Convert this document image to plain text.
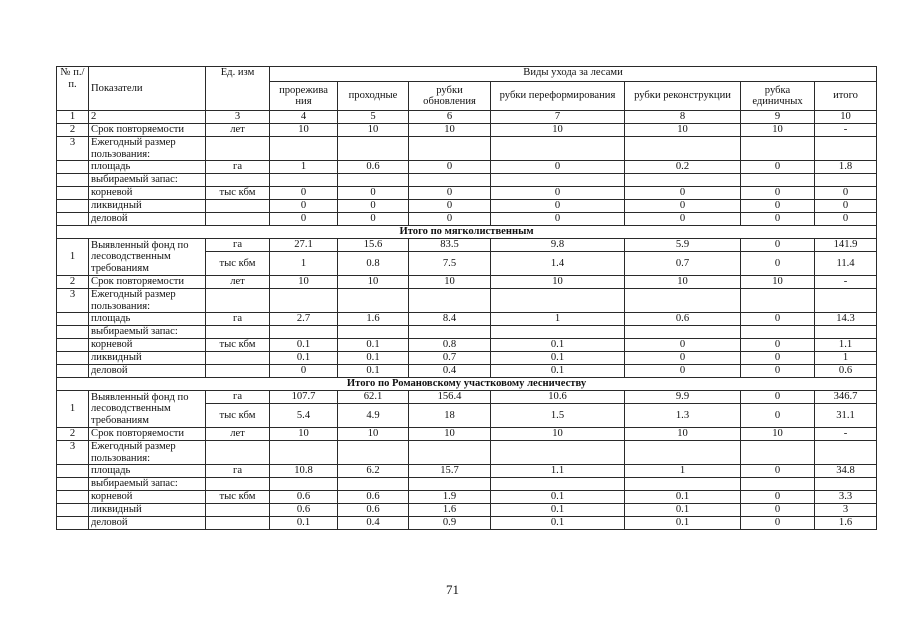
№ п./п.	Показатели	Ед. изм	Виды ухода за лесами						
			прорежива ния	проходные	рубки обновления	рубки переформирования	рубки реконструкции	рубка единичных	итого
1	2	3	4	5	6	7	8	9	10
2	Срок повторяемости	лет	10	10	10	10	10	10	-
3	Ежегодный размер пользования:								
	площадь	га	1	0.6	0	0	0.2	0	1.8
	выбираемый запас:								
	корневой	тыс кбм	0	0	0	0	0	0	0
	ликвидный		0	0	0	0	0	0	0
	деловой		0	0	0	0	0	0	0
Итого по мягколиственным									
1	Выявленный фонд по лесоводственным требованиям	га	27.1	15.6	83.5	9.8	5.9	0	141.9
		тыс кбм	1	0.8	7.5	1.4	0.7	0	11.4
2	Срок повторяемости	лет	10	10	10	10	10	10	-
3	Ежегодный размер пользования:								
	площадь	га	2.7	1.6	8.4	1	0.6	0	14.3
	выбираемый запас:								
	корневой	тыс кбм	0.1	0.1	0.8	0.1	0	0	1.1
	ликвидный		0.1	0.1	0.7	0.1	0	0	1
	деловой		0	0.1	0.4	0.1	0	0	0.6
Итого по Романовскому участковому лесничеству									
1	Выявленный фонд по лесоводственным требованиям	га	107.7	62.1	156.4	10.6	9.9	0	346.7
		тыс кбм	5.4	4.9	18	1.5	1.3	0	31.1
2	Срок повторяемости	лет	10	10	10	10	10	10	-
3	Ежегодный размер пользования:								
	площадь	га	10.8	6.2	15.7	1.1	1	0	34.8
	выбираемый запас:								
	корневой	тыс кбм	0.6	0.6	1.9	0.1	0.1	0	3.3
	ликвидный		0.6	0.6	1.6	0.1	0.1	0	3
	деловой		0.1	0.4	0.9	0.1	0.1	0	1.6
71
